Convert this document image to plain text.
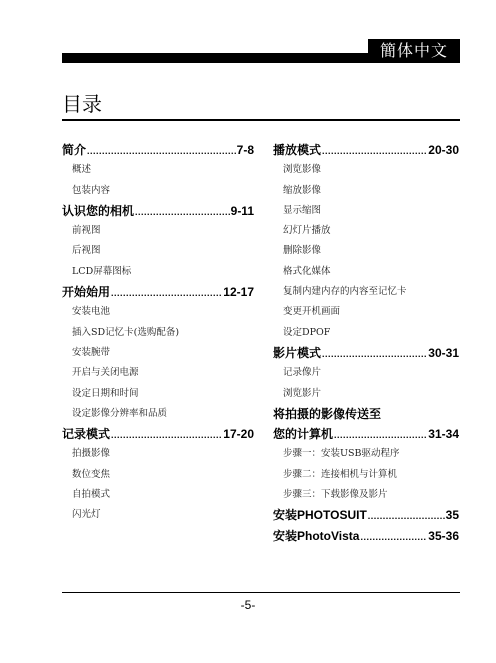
簡体中文
目录
简介 .....	7-8
概述
包装内容
认识您的相机 .....	9-11
前视图
后视图
LCD屏幕图标
开始始用 .....	12-17
安装电池
插入SD记忆卡(选购配备)
安装腕带
开启与关闭电源
设定日期和时间
设定影像分辨率和品质
记录模式 .....	17-20
拍摄影像
数位变焦
自拍模式
闪光灯
播放模式 .....	20-30
浏览影像
缩放影像
显示缩图
幻灯片播放
删除影像
格式化媒体
复制内建内存的内容至记忆卡
变更开机画面
设定DPOF
影片模式 .....	30-31
记录像片
浏览影片
将拍摄的影像传送至
您的计算机 .....	31-34
步骤一：安装USB驱动程序
步骤二：连接相机与计算机
步骤三：下载影像及影片
安装PHOTOSUIT .....	35
安装PhotoVista .....	35-36
-5-
